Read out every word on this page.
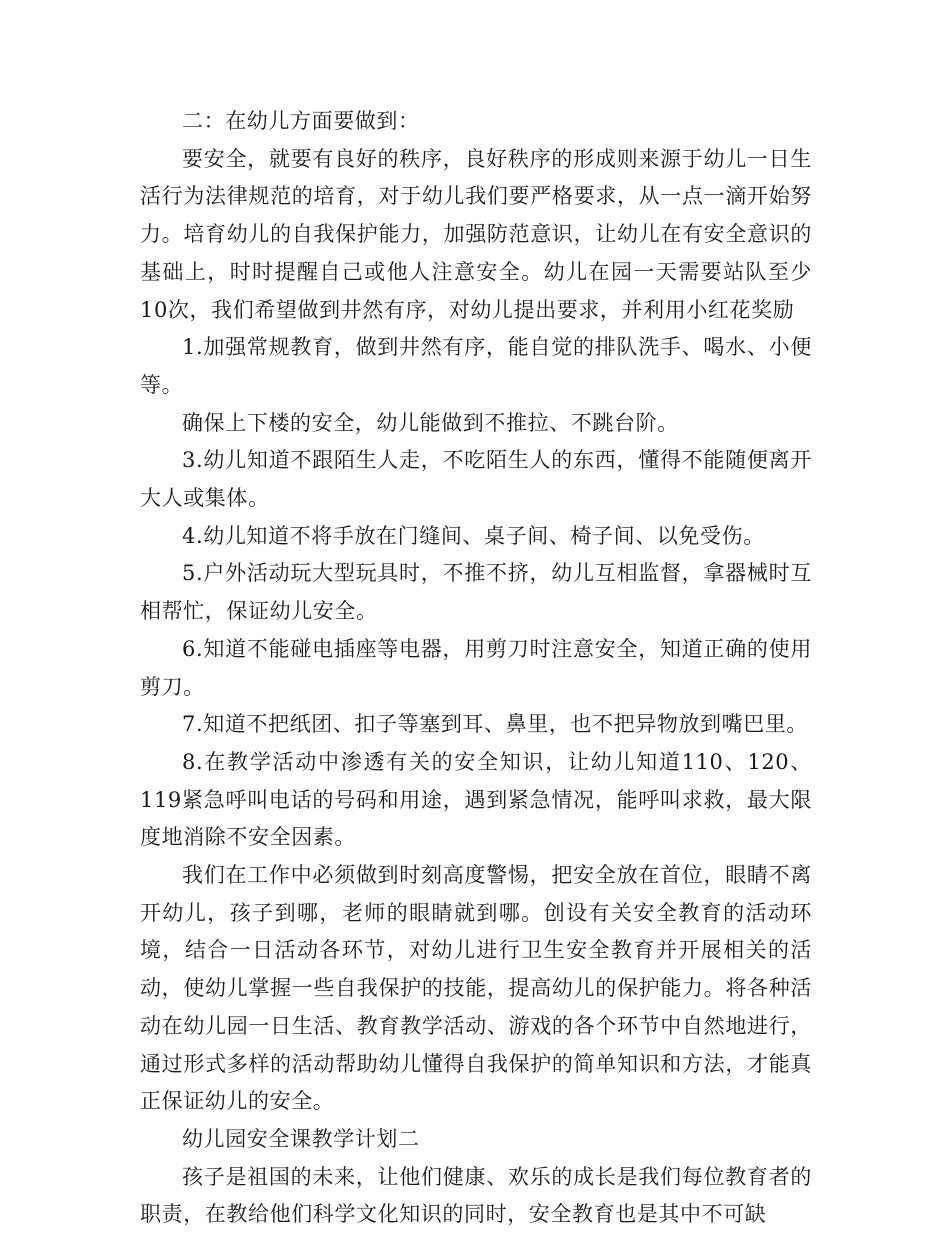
二：在幼儿方面要做到：

要安全，就要有良好的秩序，良好秩序的形成则来源于幼儿一日生活行为法律规范的培育，对于幼儿我们要严格要求，从一点一滴开始努力。培育幼儿的自我保护能力，加强防范意识，让幼儿在有安全意识的基础上，时时提醒自己或他人注意安全。幼儿在园一天需要站队至少10次，我们希望做到井然有序，对幼儿提出要求，并利用小红花奖励

1.加强常规教育，做到井然有序，能自觉的排队洗手、喝水、小便等。

确保上下楼的安全，幼儿能做到不推拉、不跳台阶。

3.幼儿知道不跟陌生人走，不吃陌生人的东西，懂得不能随便离开大人或集体。

4.幼儿知道不将手放在门缝间、桌子间、椅子间、以免受伤。

5.户外活动玩大型玩具时，不推不挤，幼儿互相监督，拿器械时互相帮忙，保证幼儿安全。

6.知道不能碰电插座等电器，用剪刀时注意安全，知道正确的使用剪刀。

7.知道不把纸团、扣子等塞到耳、鼻里，也不把异物放到嘴巴里。

8.在教学活动中渗透有关的安全知识，让幼儿知道110、120、119紧急呼叫电话的号码和用途，遇到紧急情况，能呼叫求救，最大限度地消除不安全因素。

我们在工作中必须做到时刻高度警惕，把安全放在首位，眼睛不离开幼儿，孩子到哪，老师的眼睛就到哪。创设有关安全教育的活动环境，结合一日活动各环节，对幼儿进行卫生安全教育并开展相关的活动，使幼儿掌握一些自我保护的技能，提高幼儿的保护能力。将各种活动在幼儿园一日生活、教育教学活动、游戏的各个环节中自然地进行，通过形式多样的活动帮助幼儿懂得自我保护的简单知识和方法，才能真正保证幼儿的安全。

幼儿园安全课教学计划二

孩子是祖国的未来，让他们健康、欢乐的成长是我们每位教育者的职责，在教给他们科学文化知识的同时，安全教育也是其中不可缺
